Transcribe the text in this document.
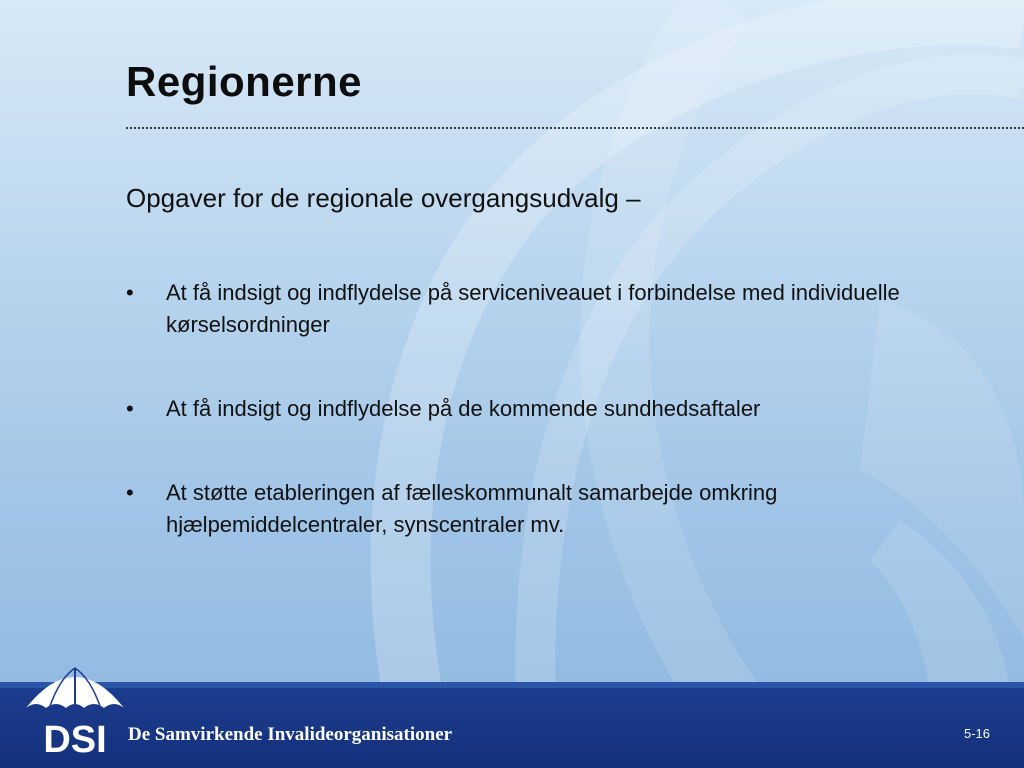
Regionerne
Opgaver for de regionale overgangsudvalg –
•	At få indsigt og indflydelse på serviceniveauet i forbindelse med individuelle kørselsordninger
•	At få indsigt og indflydelse på de kommende sundhedsaftaler
•	At støtte etableringen af fælleskommunalt samarbejde omkring hjælpemiddelcentraler, synscentraler mv.
DSI De Samvirkende Invalideorganisationer	5-16
